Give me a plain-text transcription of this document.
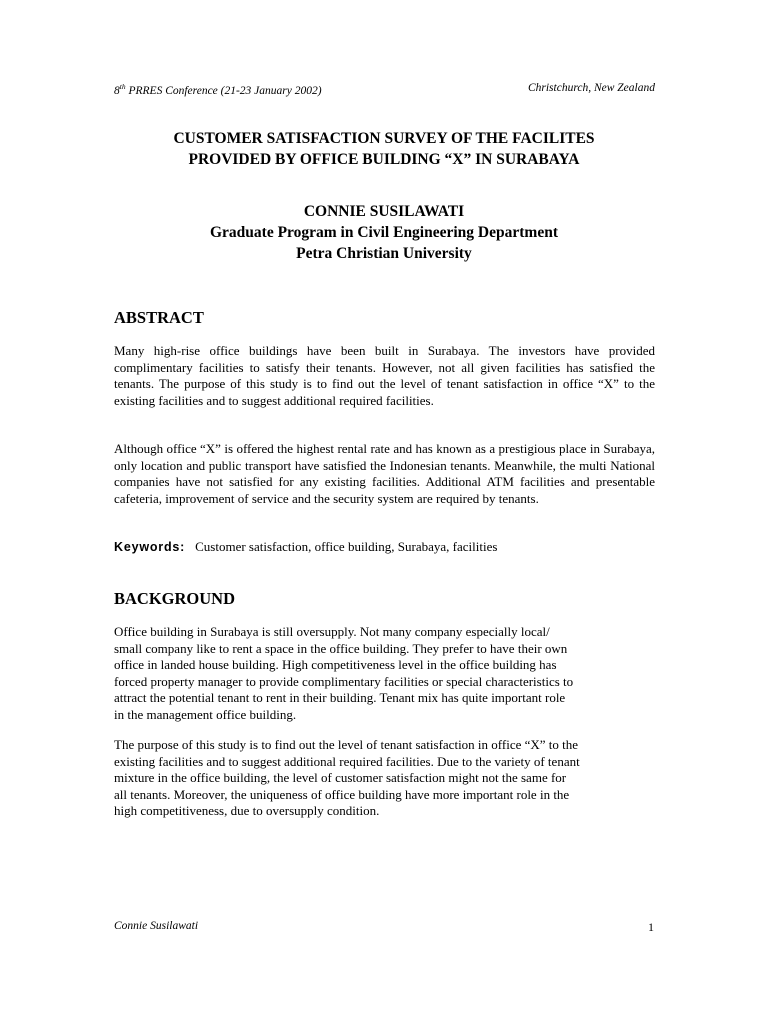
8th PRRES Conference (21-23 January 2002)	Christchurch, New Zealand
CUSTOMER SATISFACTION SURVEY OF THE FACILITES
PROVIDED BY OFFICE BUILDING “X” IN SURABAYA
CONNIE SUSILAWATI
Graduate Program in Civil Engineering Department
Petra Christian University
ABSTRACT
Many high-rise office buildings have been built in Surabaya. The investors have provided complimentary facilities to satisfy their tenants. However, not all given facilities has satisfied the tenants. The purpose of this study is to find out the level of tenant satisfaction in office “X” to the existing facilities and to suggest additional required facilities.
Although office “X” is offered the highest rental rate and has known as a prestigious place in Surabaya, only location and public transport have satisfied the Indonesian tenants. Meanwhile, the multi National companies have not satisfied for any existing facilities. Additional ATM facilities and presentable cafeteria, improvement of service and the security system are required by tenants.
Keywords: Customer satisfaction, office building, Surabaya, facilities
BACKGROUND
Office building in Surabaya is still oversupply. Not many company especially local/
small company like to rent a space in the office building. They prefer to have their own
office in landed house building. High competitiveness level in the office building has
forced property manager to provide complimentary facilities or special characteristics to
attract the potential tenant to rent in their building. Tenant mix has quite important role
in the management office building.
The purpose of this study is to find out the level of tenant satisfaction in office “X” to the
existing facilities and to suggest additional required facilities. Due to the variety of tenant
mixture in the office building, the level of customer satisfaction might not the same for
all tenants. Moreover, the uniqueness of office building have more important role in the
high competitiveness, due to oversupply condition.
Connie Susilawati	1
